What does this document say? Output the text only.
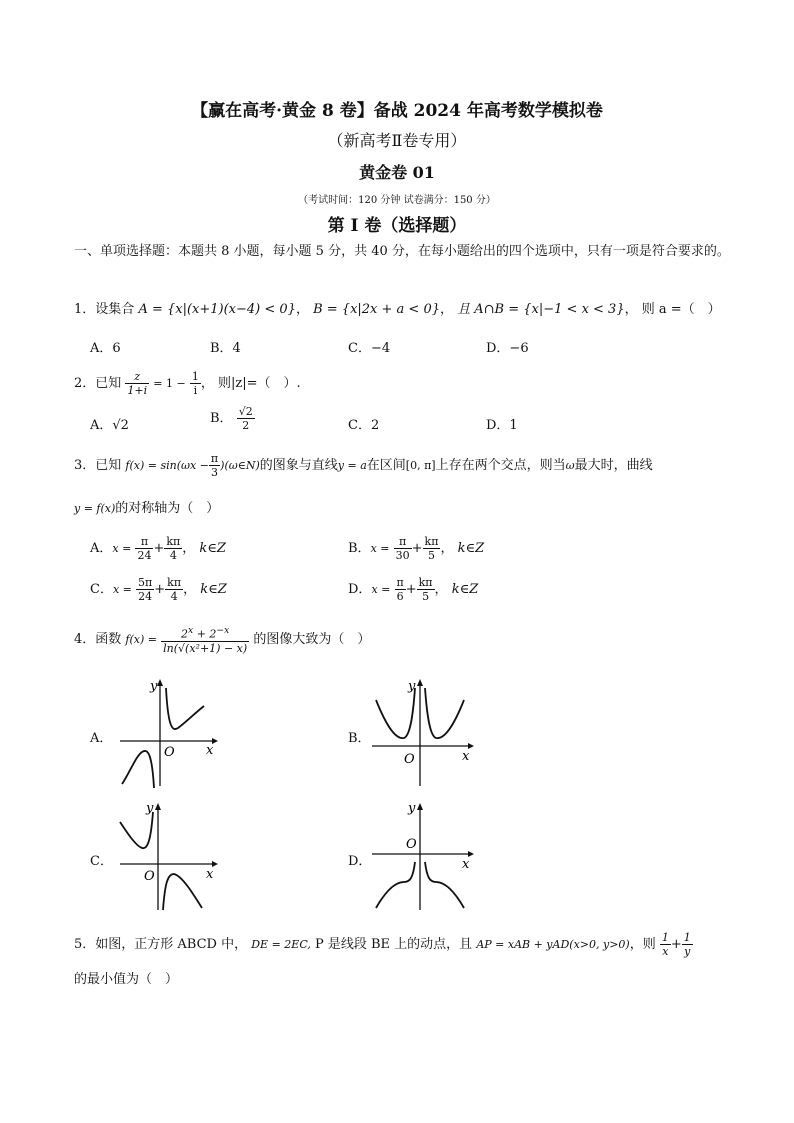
【赢在高考·黄金 8 卷】备战 2024 年高考数学模拟卷
（新高考Ⅱ卷专用）
黄金卷 01
（考试时间：120 分钟 试卷满分：150 分）
第 I 卷（选择题）
一、单项选择题：本题共 8 小题，每小题 5 分，共 40 分，在每小题给出的四个选项中，只有一项是符合要求的。
1．设集合 A = {x|(x+1)(x−4) < 0}， B = {x|2x + a < 0}， 且 A∩B = {x|−1 < x < 3}， 则 a =（　）
A．6	B．4	C．−4	D．−6
2．已知 $\frac{z}{1+i} = 1 - \frac{1}{i}$ ， 则|z|=（　）.
A．√2	B． $\frac{√2}{2}$	C．2	D．1
3．已知 $f(x) = \sin(\omega x - \frac{\pi}{3}$ )(ω∈N)的图象与直线y = a在区间[0, π]上存在两个交点，则当ω最大时，曲线
y = f(x)的对称轴为（　）
A．$x = \frac{\pi}{24} + \frac{k\pi}{4}$ ， k∈Z	B．$x = \frac{\pi}{30} + \frac{k\pi}{5}$ ， k∈Z
C．$x = \frac{5\pi}{24} + \frac{k\pi}{4}$ ， k∈Z	D．$x = \frac{\pi}{6} + \frac{k\pi}{5}$ ， k∈Z
4．函数 $f(x) = \frac{2^x + 2^{-x}}{\text{ln(√(x²+1) − x)}}$ 的图像大致为（　）
A．
O x
y
B．
O	x
y
C．
O	x
y
D．
O
x
y
5．如图，正方形 ABCD 中， DE = 2EC, P 是线段 BE 上的动点，且 AP = xAB + yAD(x>0, y>0)，则 $\frac{1}{x} + \frac{1}{y}$
的最小值为（　）
